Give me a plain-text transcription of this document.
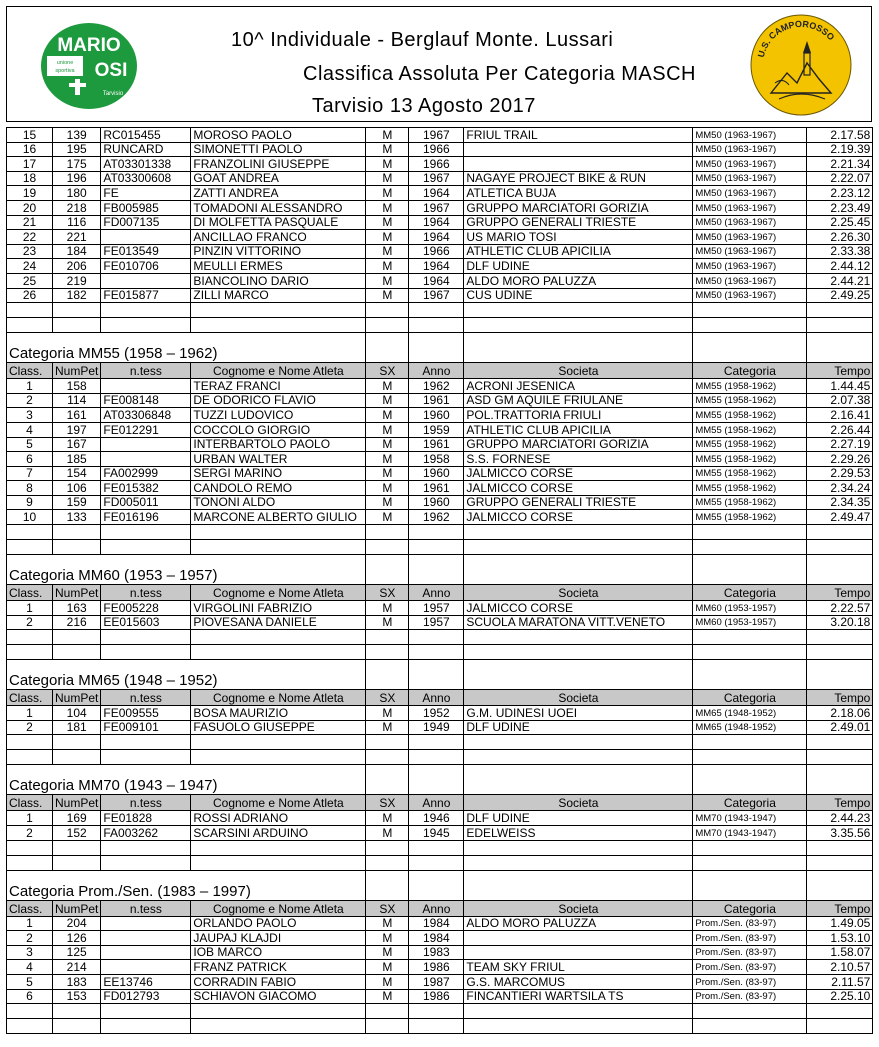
MARIO
unione
sportiva OSI
Tarvisio
10^ Individuale - Berglauf Monte. Lussari
Classifica Assoluta Per Categoria MASCH
Tarvisio 13 Agosto 2017
U.S. CAMPOROSSO
15	139	RC015455	MOROSO PAOLO	M	1967	FRIUL TRAIL	MM50 (1963-1967)	2.17.58
16	195	RUNCARD	SIMONETTI PAOLO	M	1966		MM50 (1963-1967)	2.19.39
17	175	AT03301338	FRANZOLINI GIUSEPPE	M	1966		MM50 (1963-1967)	2.21.34
18	196	AT03300608	GOAT ANDREA	M	1967	NAGAYE PROJECT BIKE & RUN	MM50 (1963-1967)	2.22.07
19	180	FE	ZATTI ANDREA	M	1964	ATLETICA BUJA	MM50 (1963-1967)	2.23.12
20	218	FB005985	TOMADONI ALESSANDRO	M	1967	GRUPPO MARCIATORI GORIZIA	MM50 (1963-1967)	2.23.49
21	116	FD007135	DI MOLFETTA PASQUALE	M	1964	GRUPPO GENERALI TRIESTE	MM50 (1963-1967)	2.25.45
22	221		ANCILLAO FRANCO	M	1964	US MARIO TOSI	MM50 (1963-1967)	2.26.30
23	184	FE013549	PINZIN VITTORINO	M	1966	ATHLETIC CLUB APICILIA	MM50 (1963-1967)	2.33.38
24	206	FE010706	MEULLI ERMES	M	1964	DLF UDINE	MM50 (1963-1967)	2.44.12
25	219		BIANCOLINO DARIO	M	1964	ALDO MORO PALUZZA	MM50 (1963-1967)	2.44.21
26	182	FE015877	ZILLI MARCO	M	1967	CUS UDINE	MM50 (1963-1967)	2.49.25

Categoria MM55 (1958 – 1962)								
Class.	NumPet	n.tess	Cognome e Nome Atleta	SX	Anno	Societa	Categoria	Tempo
1	158		TERAZ FRANCI	M	1962	ACRONI JESENICA	MM55 (1958-1962)	1.44.45
2	114	FE008148	DE ODORICO FLAVIO	M	1961	ASD GM AQUILE FRIULANE	MM55 (1958-1962)	2.07.38
3	161	AT03306848	TUZZI LUDOVICO	M	1960	POL.TRATTORIA FRIULI	MM55 (1958-1962)	2.16.41
4	197	FE012291	COCCOLO GIORGIO	M	1959	ATHLETIC CLUB APICILIA	MM55 (1958-1962)	2.26.44
5	167		INTERBARTOLO PAOLO	M	1961	GRUPPO MARCIATORI GORIZIA	MM55 (1958-1962)	2.27.19
6	185		URBAN WALTER	M	1958	S.S. FORNESE	MM55 (1958-1962)	2.29.26
7	154	FA002999	SERGI MARINO	M	1960	JALMICCO CORSE	MM55 (1958-1962)	2.29.53
8	106	FE015382	CANDOLO REMO	M	1961	JALMICCO CORSE	MM55 (1958-1962)	2.34.24
9	159	FD005011	TONONI ALDO	M	1960	GRUPPO GENERALI TRIESTE	MM55 (1958-1962)	2.34.35
10	133	FE016196	MARCONE ALBERTO GIULIO	M	1962	JALMICCO CORSE	MM55 (1958-1962)	2.49.47

Categoria MM60 (1953 – 1957)								
Class.	NumPet	n.tess	Cognome e Nome Atleta	SX	Anno	Societa	Categoria	Tempo
1	163	FE005228	VIRGOLINI FABRIZIO	M	1957	JALMICCO CORSE	MM60 (1953-1957)	2.22.57
2	216	EE015603	PIOVESANA DANIELE	M	1957	SCUOLA MARATONA VITT.VENETO	MM60 (1953-1957)	3.20.18

Categoria MM65 (1948 – 1952)								
Class.	NumPet	n.tess	Cognome e Nome Atleta	SX	Anno	Societa	Categoria	Tempo
1	104	FE009555	BOSA MAURIZIO	M	1952	G.M. UDINESI UOEI	MM65 (1948-1952)	2.18.06
2	181	FE009101	FASUOLO GIUSEPPE	M	1949	DLF UDINE	MM65 (1948-1952)	2.49.01

Categoria MM70 (1943 – 1947)								
Class.	NumPet	n.tess	Cognome e Nome Atleta	SX	Anno	Societa	Categoria	Tempo
1	169	FE01828	ROSSI ADRIANO	M	1946	DLF UDINE	MM70 (1943-1947)	2.44.23
2	152	FA003262	SCARSINI ARDUINO	M	1945	EDELWEISS	MM70 (1943-1947)	3.35.56

Categoria Prom./Sen. (1983 – 1997)								
Class.	NumPet	n.tess	Cognome e Nome Atleta	SX	Anno	Societa	Categoria	Tempo
1	204		ORLANDO PAOLO	M	1984	ALDO MORO PALUZZA	Prom./Sen. (83-97)	1.49.05
2	126		JAUPAJ KLAJDI	M	1984		Prom./Sen. (83-97)	1.53.10
3	125		IOB MARCO	M	1983		Prom./Sen. (83-97)	1.58.07
4	214		FRANZ PATRICK	M	1986	TEAM SKY FRIUL	Prom./Sen. (83-97)	2.10.57
5	183	EE13746	CORRADIN FABIO	M	1987	G.S. MARCOMUS	Prom./Sen. (83-97)	2.11.57
6	153	FD012793	SCHIAVON GIACOMO	M	1986	FINCANTIERI WARTSILA TS	Prom./Sen. (83-97)	2.25.10
